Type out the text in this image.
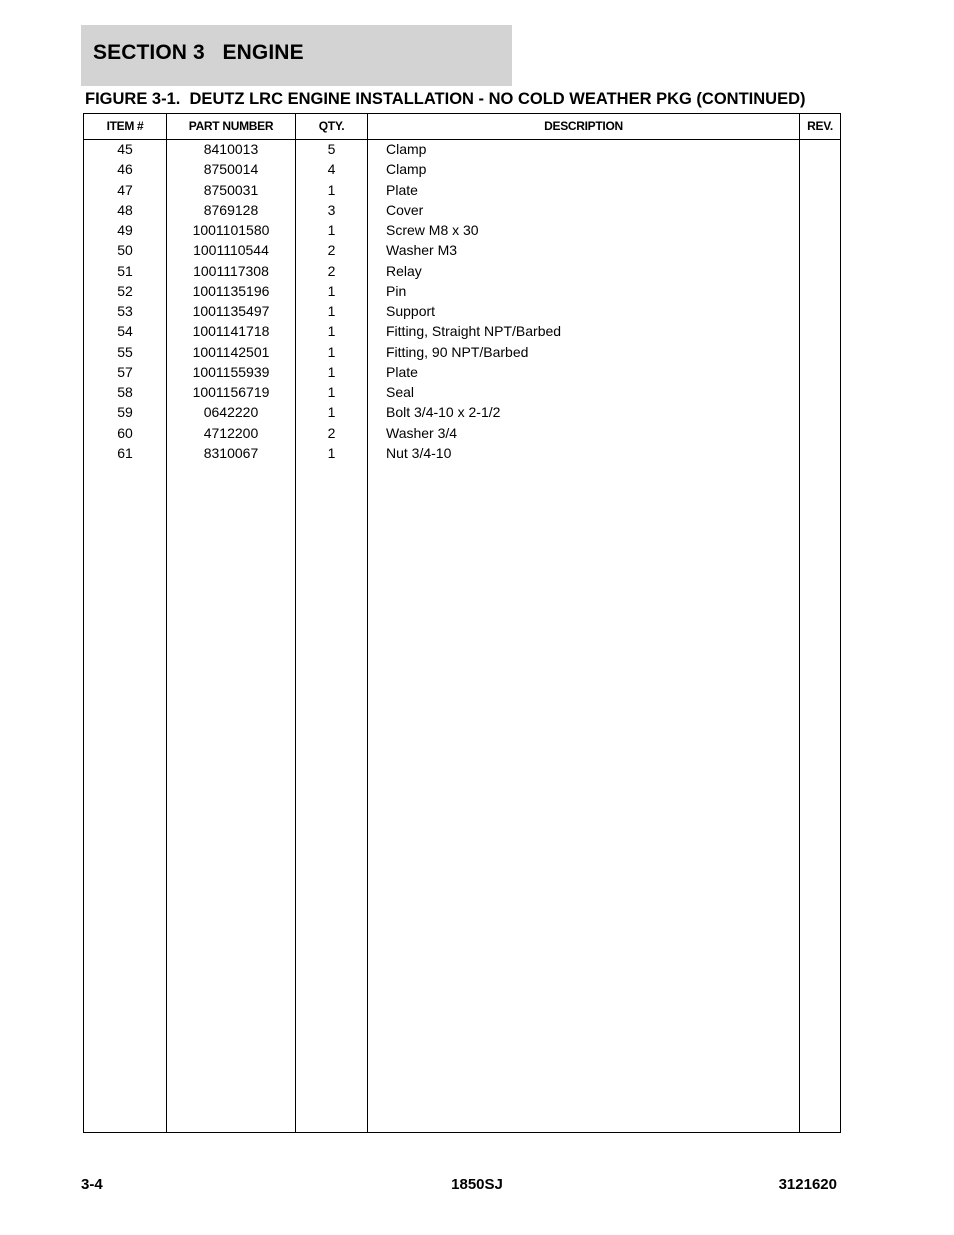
SECTION 3   ENGINE
FIGURE 3-1.  DEUTZ LRC ENGINE INSTALLATION - NO COLD WEATHER PKG (CONTINUED)
ITEM #	PART NUMBER	QTY.	DESCRIPTION	REV.
45	8410013	5	Clamp
46	8750014	4	Clamp
47	8750031	1	Plate
48	8769128	3	Cover
49	1001101580	1	Screw M8 x 30
50	1001110544	2	Washer M3
51	1001117308	2	Relay
52	1001135196	1	Pin
53	1001135497	1	Support
54	1001141718	1	Fitting, Straight NPT/Barbed
55	1001142501	1	Fitting, 90 NPT/Barbed
57	1001155939	1	Plate
58	1001156719	1	Seal
59	0642220	1	Bolt 3/4-10 x 2-1/2
60	4712200	2	Washer 3/4
61	8310067	1	Nut 3/4-10
3-4	1850SJ	3121620
